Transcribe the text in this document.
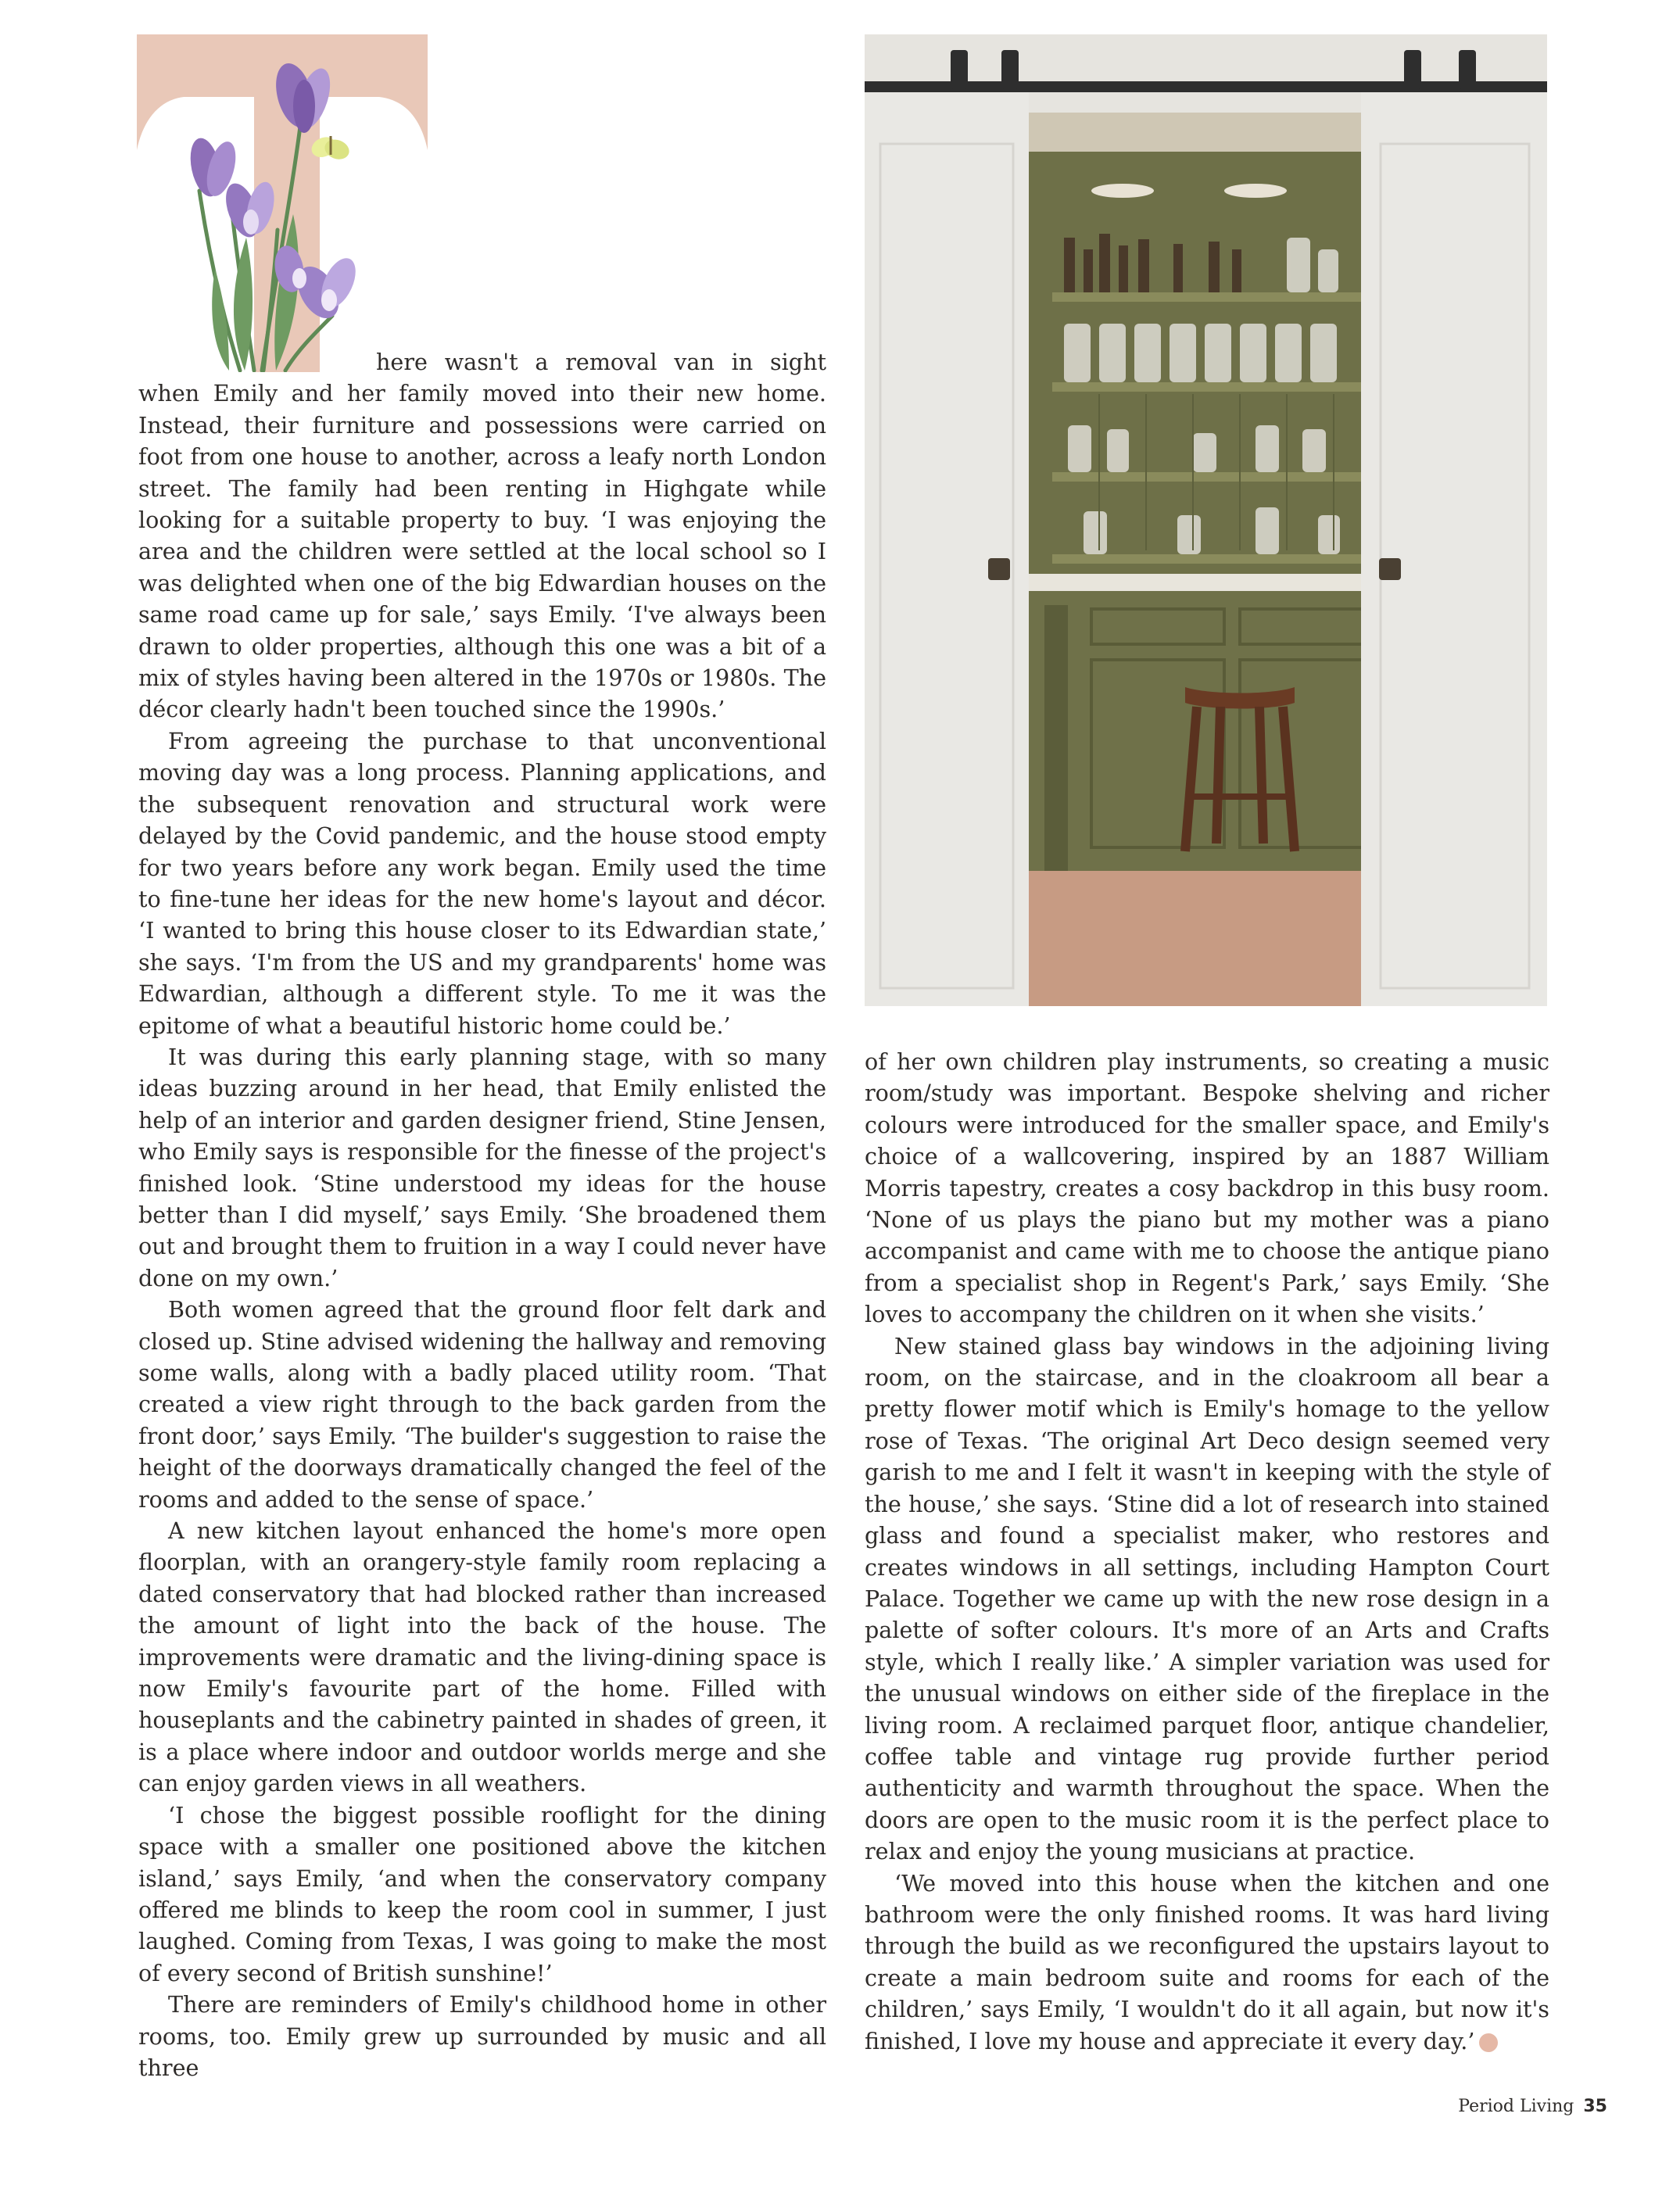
here wasn't a removal van in sight when Emily and her family moved into their new home. Instead, their furniture and possessions were carried on foot from one house to another, across a leafy north London street. The family had been renting in Highgate while looking for a suitable property to buy. ‘I was enjoying the area and the children were settled at the local school so I was delighted when one of the big Edwardian houses on the same road came up for sale,’ says Emily. ‘I've always been drawn to older properties, although this one was a bit of a mix of styles having been altered in the 1970s or 1980s. The décor clearly hadn't been touched since the 1990s.’

From agreeing the purchase to that unconventional moving day was a long process. Planning applications, and the subsequent renovation and structural work were delayed by the Covid pandemic, and the house stood empty for two years before any work began. Emily used the time to fine-tune her ideas for the new home's layout and décor. ‘I wanted to bring this house closer to its Edwardian state,’ she says. ‘I'm from the US and my grandparents' home was Edwardian, although a different style. To me it was the epitome of what a beautiful historic home could be.’

It was during this early planning stage, with so many ideas buzzing around in her head, that Emily enlisted the help of an interior and garden designer friend, Stine Jensen, who Emily says is responsible for the finesse of the project's finished look. ‘Stine understood my ideas for the house better than I did myself,’ says Emily. ‘She broadened them out and brought them to fruition in a way I could never have done on my own.’

Both women agreed that the ground floor felt dark and closed up. Stine advised widening the hallway and removing some walls, along with a badly placed utility room. ‘That created a view right through to the back garden from the front door,’ says Emily. ‘The builder's suggestion to raise the height of the doorways dramatically changed the feel of the rooms and added to the sense of space.’

A new kitchen layout enhanced the home's more open floorplan, with an orangery-style family room replacing a dated conservatory that had blocked rather than increased the amount of light into the back of the house. The improvements were dramatic and the living-dining space is now Emily's favourite part of the home. Filled with houseplants and the cabinetry painted in shades of green, it is a place where indoor and outdoor worlds merge and she can enjoy garden views in all weathers.

‘I chose the biggest possible rooflight for the dining space with a smaller one positioned above the kitchen island,’ says Emily, ‘and when the conservatory company offered me blinds to keep the room cool in summer, I just laughed. Coming from Texas, I was going to make the most of every second of British sunshine!’

There are reminders of Emily's childhood home in other rooms, too. Emily grew up surrounded by music and all three

of her own children play instruments, so creating a music room/study was important. Bespoke shelving and richer colours were introduced for the smaller space, and Emily's choice of a wallcovering, inspired by an 1887 William Morris tapestry, creates a cosy backdrop in this busy room. ‘None of us plays the piano but my mother was a piano accompanist and came with me to choose the antique piano from a specialist shop in Regent's Park,’ says Emily. ‘She loves to accompany the children on it when she visits.’

New stained glass bay windows in the adjoining living room, on the staircase, and in the cloakroom all bear a pretty flower motif which is Emily's homage to the yellow rose of Texas. ‘The original Art Deco design seemed very garish to me and I felt it wasn't in keeping with the style of the house,’ she says. ‘Stine did a lot of research into stained glass and found a specialist maker, who restores and creates windows in all settings, including Hampton Court Palace. Together we came up with the new rose design in a palette of softer colours. It's more of an Arts and Crafts style, which I really like.’ A simpler variation was used for the unusual windows on either side of the fireplace in the living room. A reclaimed parquet floor, antique chandelier, coffee table and vintage rug provide further period authenticity and warmth throughout the space. When the doors are open to the music room it is the perfect place to relax and enjoy the young musicians at practice.

‘We moved into this house when the kitchen and one bathroom were the only finished rooms. It was hard living through the build as we reconfigured the upstairs layout to create a main bedroom suite and rooms for each of the children,’ says Emily, ‘I wouldn't do it all again, but now it's finished, I love my house and appreciate it every day.’	PL

Period Living 35
